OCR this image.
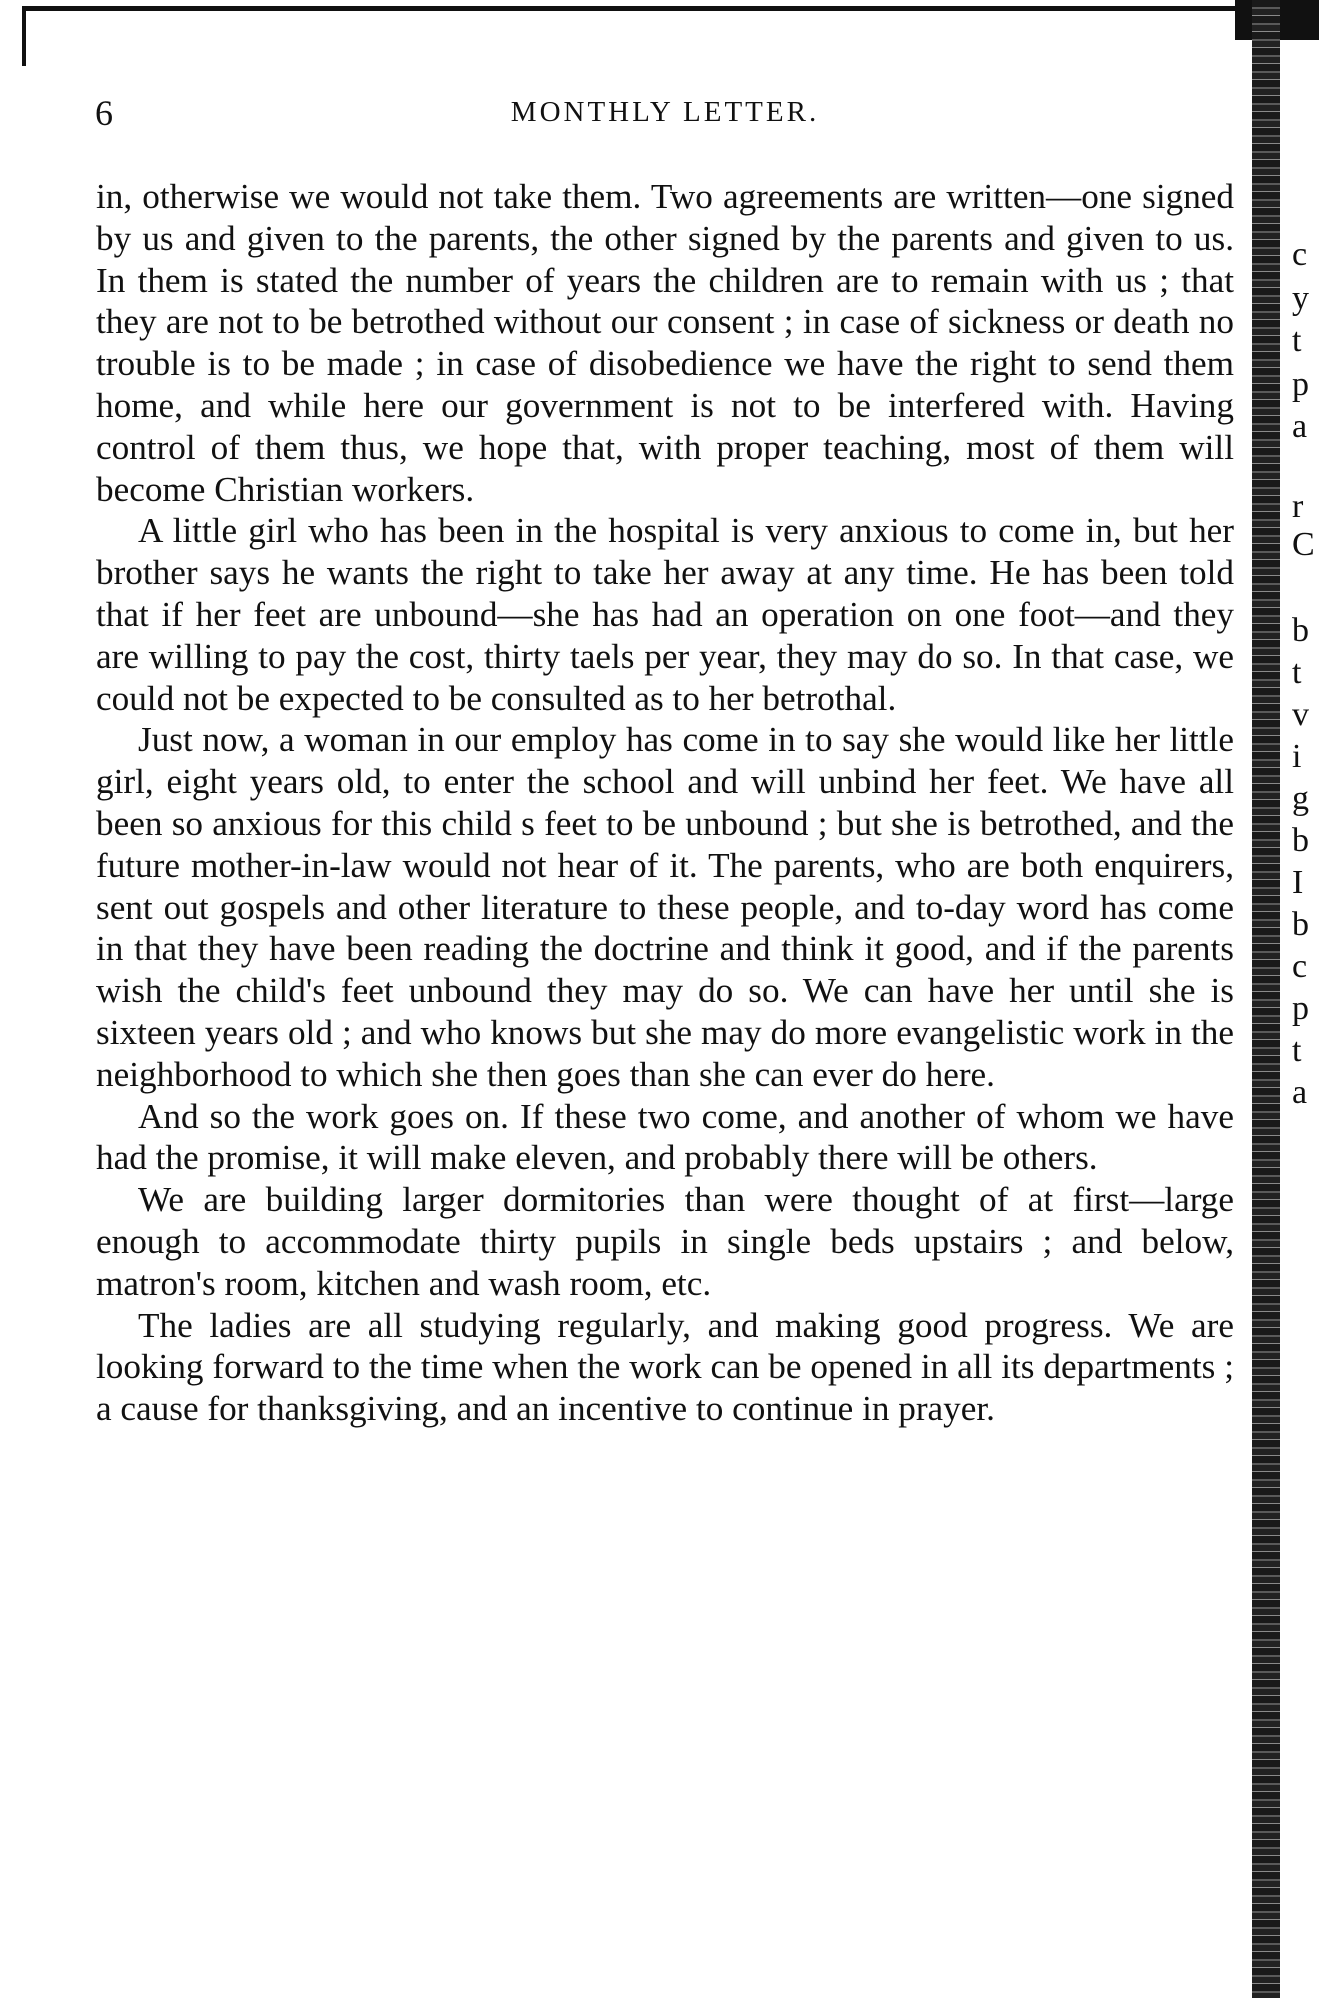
6	MONTHLY LETTER.

in, otherwise we would not take them. Two agreements are written—one signed by us and given to the parents, the other signed by the parents and given to us. In them is stated the number of years the children are to remain with us ; that they are not to be betrothed without our consent ; in case of sickness or death no trouble is to be made ; in case of disobedience we have the right to send them home, and while here our government is not to be interfered with. Having control of them thus, we hope that, with proper teaching, most of them will become Christian workers.

A little girl who has been in the hospital is very anxious to come in, but her brother says he wants the right to take her away at any time. He has been told that if her feet are unbound—she has had an operation on one foot—and they are willing to pay the cost, thirty taels per year, they may do so. In that case, we could not be expected to be consulted as to her betrothal.

Just now, a woman in our employ has come in to say she would like her little girl, eight years old, to enter the school and will unbind her feet. We have all been so anxious for this child s feet to be unbound ; but she is betrothed, and the future mother-in-law would not hear of it. The parents, who are both enquirers, sent out gospels and other literature to these people, and to-day word has come in that they have been reading the doctrine and think it good, and if the parents wish the child's feet unbound they may do so. We can have her until she is sixteen years old ; and who knows but she may do more evangelistic work in the neighborhood to which she then goes than she can ever do here.

And so the work goes on. If these two come, and another of whom we have had the promise, it will make eleven, and probably there will be others.

We are building larger dormitories than were thought of at first—large enough to accommodate thirty pupils in single beds upstairs ; and below, matron's room, kitchen and wash room, etc.

The ladies are all studying regularly, and making good progress. We are looking forward to the time when the work can be opened in all its departments ; a cause for thanksgiving, and an incentive to continue in prayer.

c
y
t
p
a
r
C
b
t
v
i
g
b
I
b
c
p
t
a
